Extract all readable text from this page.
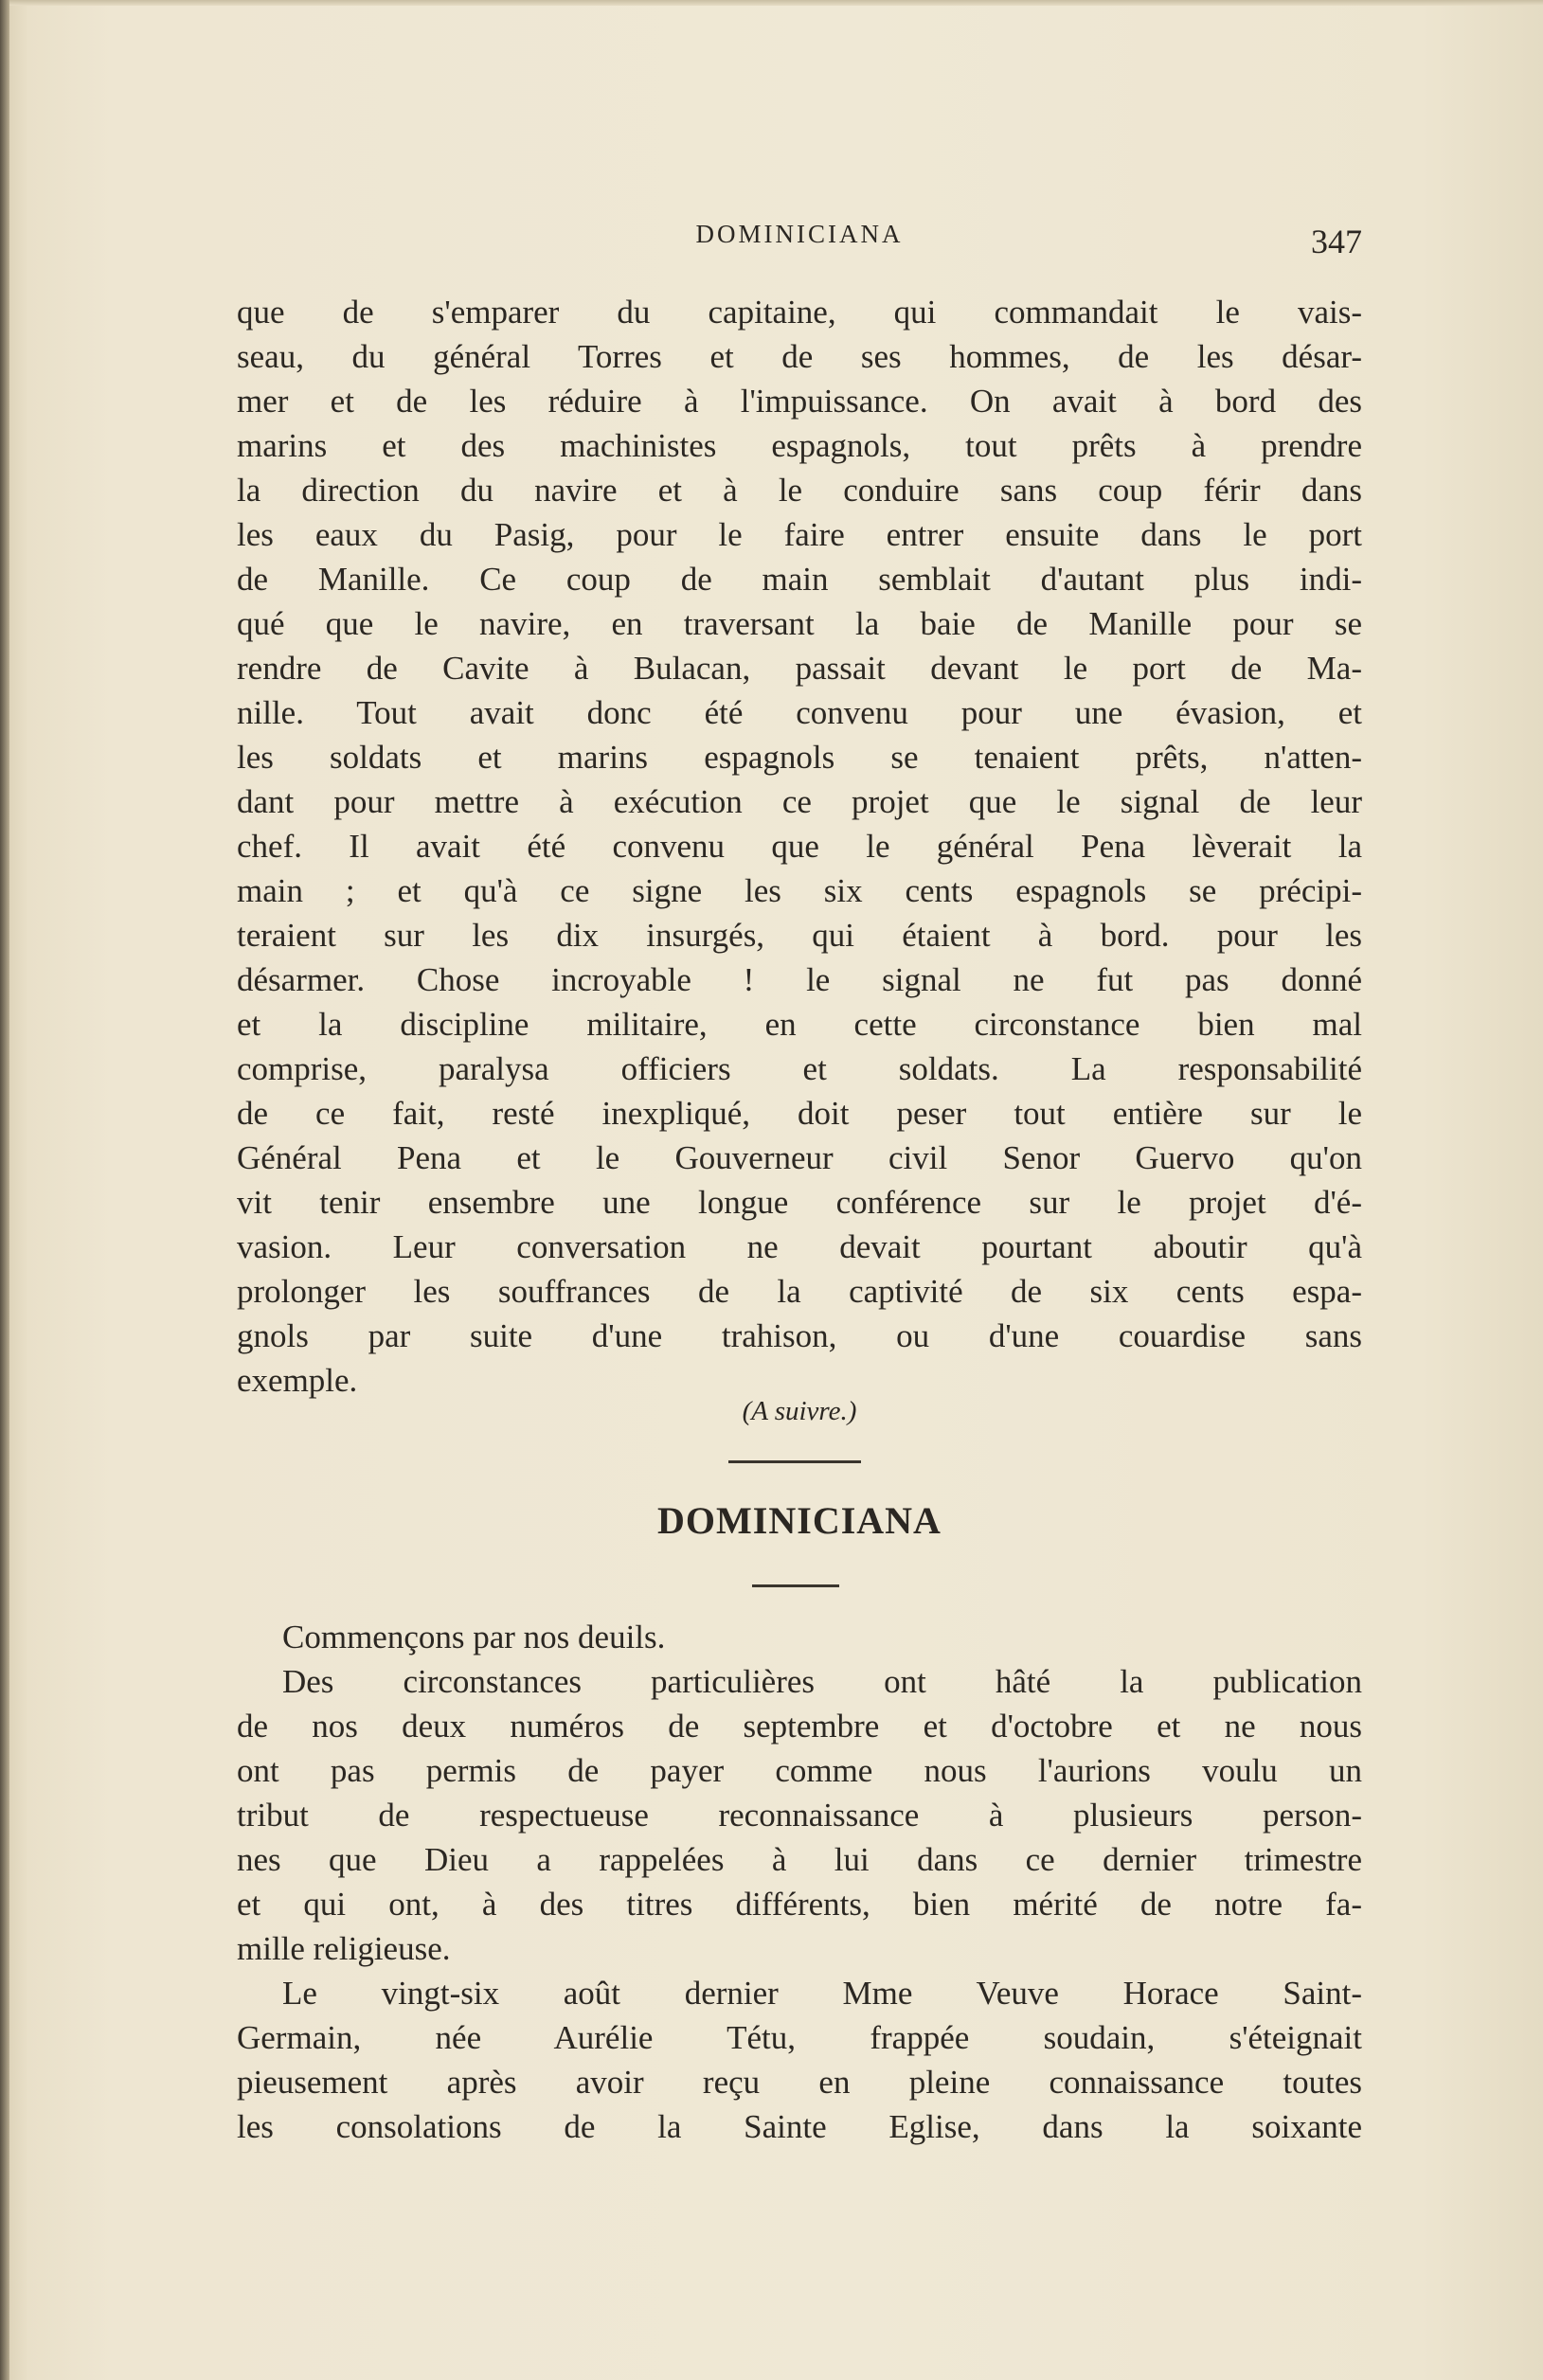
DOMINICIANA	347
que de s'emparer du capitaine, qui commandait le vais-
seau, du général Torres et de ses hommes, de les désar-
mer et de les réduire à l'impuissance. On avait à bord des
marins et des machinistes espagnols, tout prêts à prendre
la direction du navire et à le conduire sans coup férir dans
les eaux du Pasig, pour le faire entrer ensuite dans le port
de Manille. Ce coup de main semblait d'autant plus indi-
qué que le navire, en traversant la baie de Manille pour se
rendre de Cavite à Bulacan, passait devant le port de Ma-
nille. Tout avait donc été convenu pour une évasion, et
les soldats et marins espagnols se tenaient prêts, n'atten-
dant pour mettre à exécution ce projet que le signal de leur
chef. Il avait été convenu que le général Pena lèverait la
main ; et qu'à ce signe les six cents espagnols se précipi-
teraient sur les dix insurgés, qui étaient à bord. pour les
désarmer. Chose incroyable ! le signal ne fut pas donné
et la discipline militaire, en cette circonstance bien mal
comprise, paralysa officiers et soldats. La responsabilité
de ce fait, resté inexpliqué, doit peser tout entière sur le
Général Pena et le Gouverneur civil Senor Guervo qu'on
vit tenir ensembre une longue conférence sur le projet d'é-
vasion. Leur conversation ne devait pourtant aboutir qu'à
prolonger les souffrances de la captivité de six cents espa-
gnols par suite d'une trahison, ou d'une couardise sans
exemple.
(A suivre.)
DOMINICIANA
Commençons par nos deuils.
Des circonstances particulières ont hâté la publication
de nos deux numéros de septembre et d'octobre et ne nous
ont pas permis de payer comme nous l'aurions voulu un
tribut de respectueuse reconnaissance à plusieurs person-
nes que Dieu a rappelées à lui dans ce dernier trimestre
et qui ont, à des titres différents, bien mérité de notre fa-
mille religieuse.
Le vingt-six août dernier Mme Veuve Horace Saint-
Germain, née Aurélie Tétu, frappée soudain, s'éteignait
pieusement après avoir reçu en pleine connaissance toutes
les consolations de la Sainte Eglise, dans la soixante
